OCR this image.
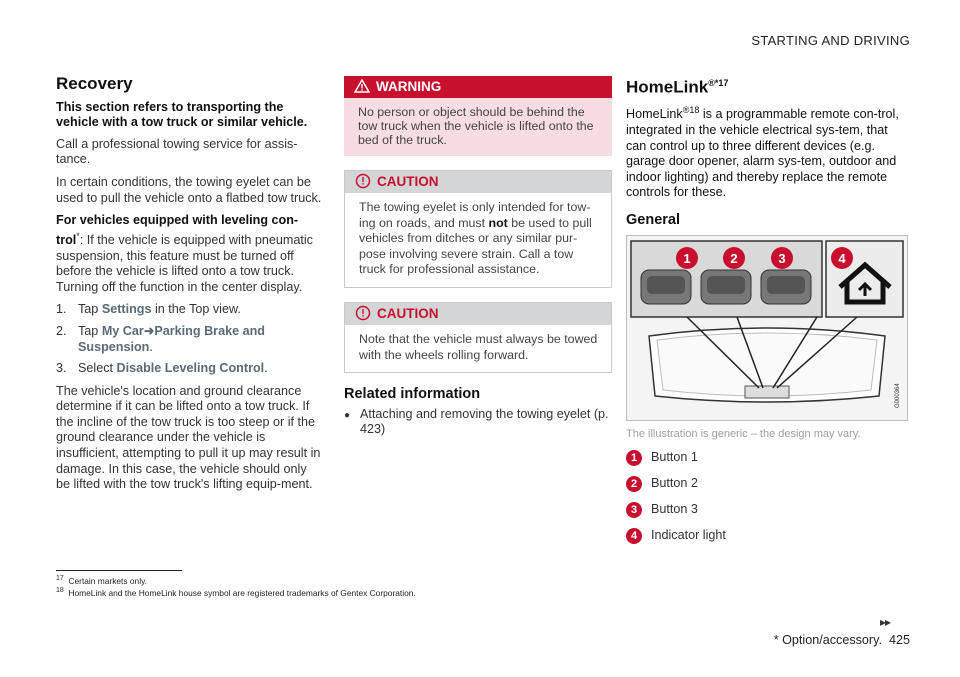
STARTING AND DRIVING
Recovery
This section refers to transporting the vehicle with a tow truck or similar vehicle.

Call a professional towing service for assis-tance.

In certain conditions, the towing eyelet can be used to pull the vehicle onto a flatbed tow truck.

For vehicles equipped with leveling con-trol*: If the vehicle is equipped with pneumatic suspension, this feature must be turned off before the vehicle is lifted onto a tow truck. Turning off the function in the center display.

1. Tap Settings in the Top view.
2. Tap My Car➜Parking Brake and Suspension.
3. Select Disable Leveling Control.

The vehicle's location and ground clearance determine if it can be lifted onto a tow truck. If the incline of the tow truck is too steep or if the ground clearance under the vehicle is insufficient, attempting to pull it up may result in damage. In this case, the vehicle should only be lifted with the tow truck's lifting equip-ment.

WARNING
No person or object should be behind the tow truck when the vehicle is lifted onto the bed of the truck.
CAUTION
The towing eyelet is only intended for tow-ing on roads, and must not be used to pull vehicles from ditches or any similar pur-pose involving severe strain. Call a tow truck for professional assistance.
CAUTION
Note that the vehicle must always be towed with the wheels rolling forward.
Related information
● Attaching and removing the towing eyelet (p. 423)
HomeLink$^{®*17}$

HomeLink$^{®18}$ is a programmable remote con-trol, integrated in the vehicle electrical sys-tem, that can control up to three different devices (e.g. garage door opener, alarm sys-tem, outdoor and indoor lighting) and thereby replace the remote controls for these.

General
1	2	3	4
G000364
The illustration is generic – the design may vary.
1	Button 1
2	Button 2
3	Button 3
4	Indicator light
$^{17}$ Certain markets only.
$^{18}$ HomeLink and the HomeLink house symbol are registered trademarks of Gentex Corporation.
▸▸
* Option/accessory. 425
